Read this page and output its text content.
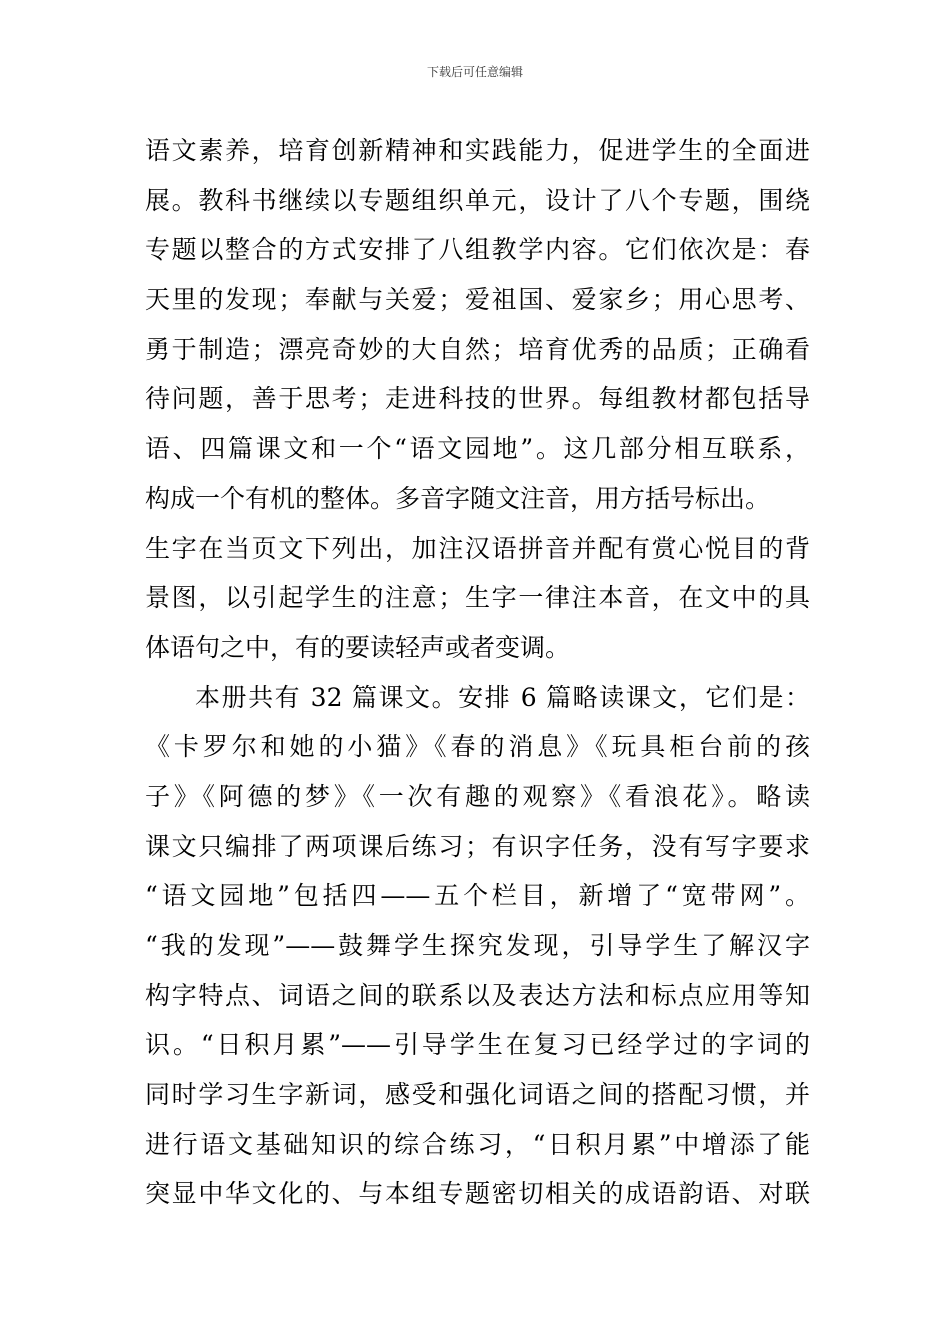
下载后可任意编辑
语文素养，培育创新精神和实践能力，促进学生的全面进
展。教科书继续以专题组织单元，设计了八个专题，围绕
专题以整合的方式安排了八组教学内容。它们依次是：春
天里的发现；奉献与关爱；爱祖国、爱家乡；用心思考、
勇于制造；漂亮奇妙的大自然；培育优秀的品质；正确看
待问题，善于思考；走进科技的世界。每组教材都包括导
语、四篇课文和一个“语文园地”。这几部分相互联系，
构成一个有机的整体。多音字随文注音，用方括号标出。
生字在当页文下列出，加注汉语拼音并配有赏心悦目的背
景图，以引起学生的注意；生字一律注本音，在文中的具
体语句之中，有的要读轻声或者变调。
本册共有 32 篇课文。安排 6 篇略读课文，它们是：
《卡罗尔和她的小猫》《春的消息》《玩具柜台前的孩
子》《阿德的梦》《一次有趣的观察》《看浪花》。略读
课文只编排了两项课后练习；有识字任务，没有写字要求
“语文园地”包括四——五个栏目，新增了“宽带网”。
“我的发现”——鼓舞学生探究发现，引导学生了解汉字
构字特点、词语之间的联系以及表达方法和标点应用等知
识。“日积月累”——引导学生在复习已经学过的字词的
同时学习生字新词，感受和强化词语之间的搭配习惯，并
进行语文基础知识的综合练习，“日积月累”中增添了能
突显中华文化的、与本组专题密切相关的成语韵语、对联
